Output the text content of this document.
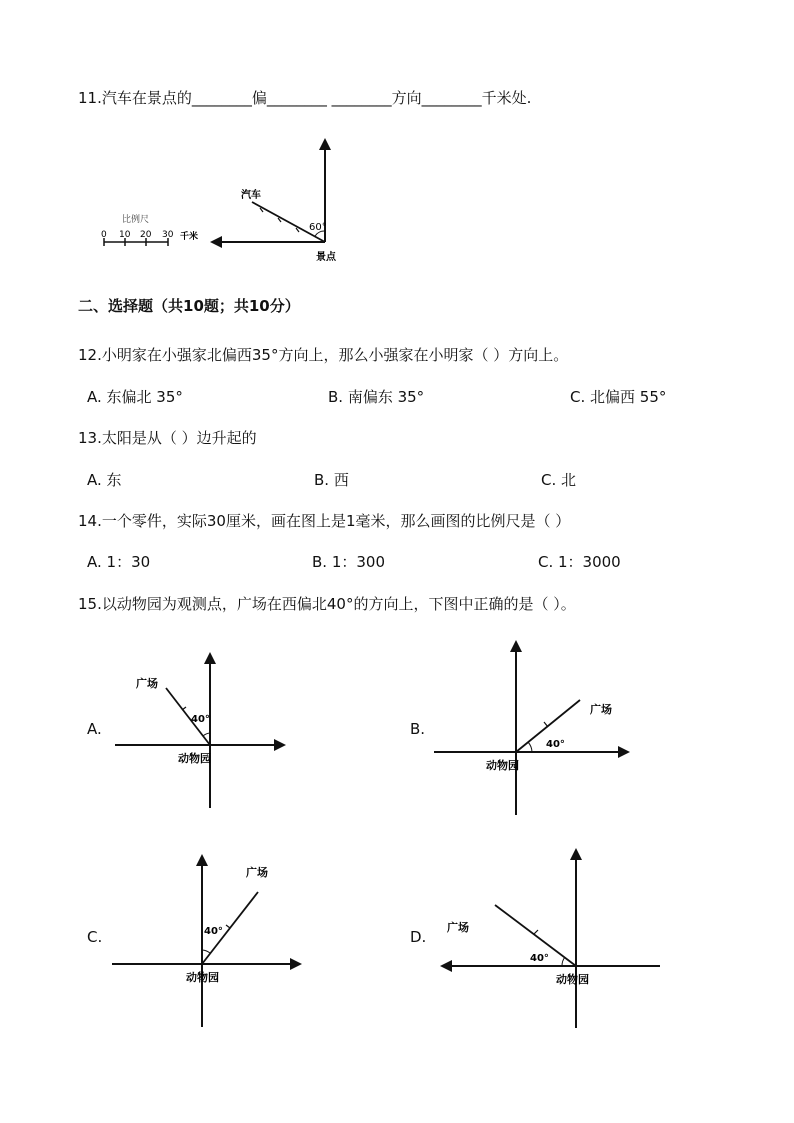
11.汽车在景点的________偏________ ________方向________千米处.
60°
汽车
景点
比例尺
0 10 20 30 千米
二、选择题（共10题；共10分）
12.小明家在小强家北偏西35°方向上，那么小强家在小明家（ ）方向上。
A. 东偏北 35°	B. 南偏东 35°	C. 北偏西 55°
13.太阳是从（ ）边升起的
A. 东	B. 西	C. 北
14.一个零件，实际30厘米，画在图上是1毫米，那么画图的比例尺是（ ）
A. 1：30	B. 1：300	C. 1：3000
15.以动物园为观测点，广场在西偏北40°的方向上，下图中正确的是（ ）。
A.	B.
C.	D.
40°
广场
动物园
40°
广场
动物园
40°
广场
动物园
40°
广场
动物园
